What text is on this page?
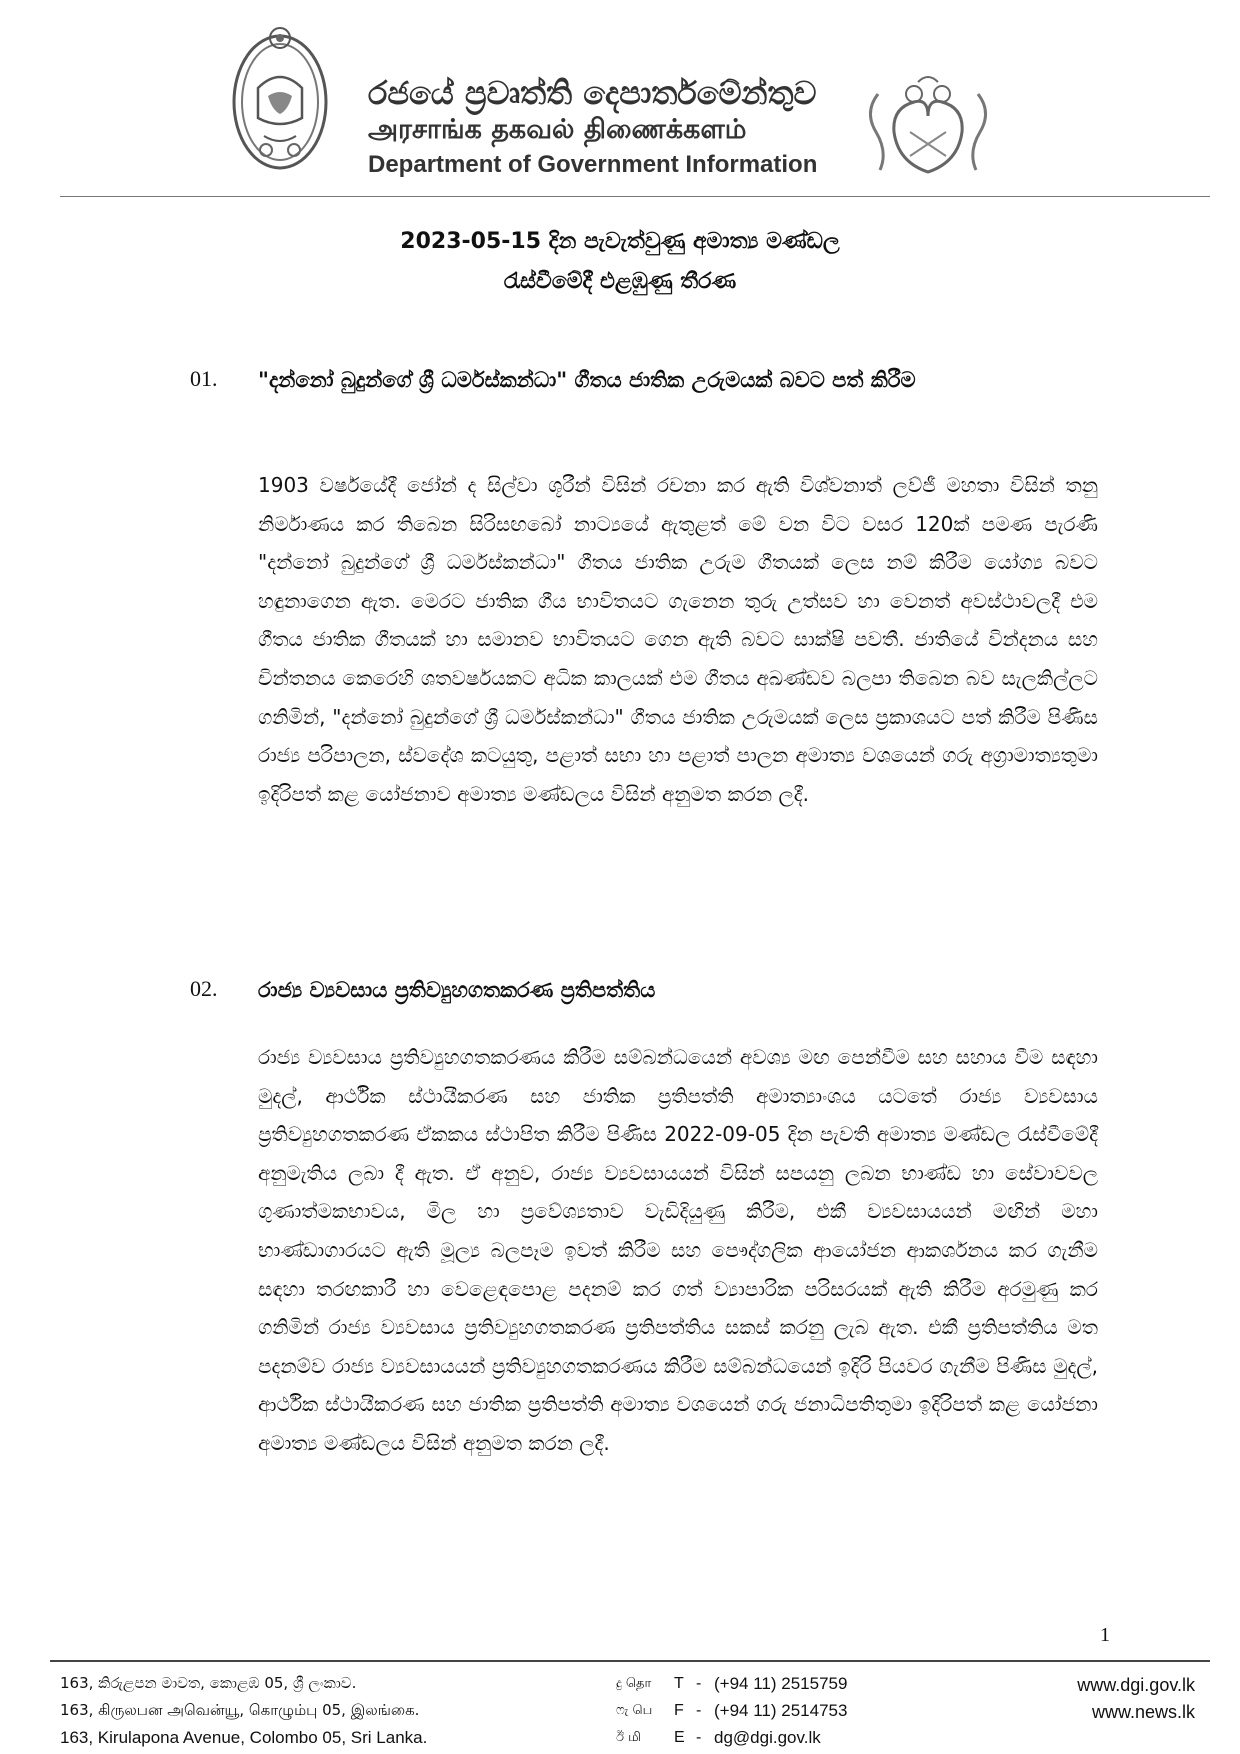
රජයේ ප්‍රවෘත්ති දෙපාර්තමේන්තුව
அரசாங்க தகவல் திணைக்களம்
Department of Government Information
2023-05-15 දින පැවැත්වුණු අමාත්‍ය මණ්ඩල
රැස්වීමේදී එළඹුණු තීරණ
01. "දන්නෝ බුදුන්ගේ ශ්‍රී ධර්මස්කන්ධා" ගීතය ජාතික උරුමයක් බවට පත් කිරීම
1903 වර්ෂයේදී ජෝන් ද සිල්වා ශූරීන් විසින් රචනා කර ඇති විශ්වනාත් ලව්ජී මහතා විසින් තනු නිර්මාණය කර තිබෙන සිරිසඟබෝ නාට්‍යයේ ඇතුළත් මේ වන විට වසර 120ක් පමණ පැරණි "දන්නෝ බුදුන්ගේ ශ්‍රී ධර්මස්කන්ධා" ගීතය ජාතික උරුම ගීතයක් ලෙස නම් කිරීම යෝග්‍ය බවට හඳුනාගෙන ඇත. මෙරට ජාතික ගීය භාවිතයට ගැනෙන තුරු උත්සව හා වෙනත් අවස්ථාවලදී එම ගීතය ජාතික ගීතයක් හා සමානව භාවිතයට ගෙන ඇති බවට සාක්ෂි පවතී. ජාතියේ වින්දනය සහ චින්තනය කෙරෙහි ශතවර්ෂයකට අධික කාලයක් එම ගීතය අඛණ්ඩව බලපා තිබෙන බව සැලකිල්ලට ගනිමින්, "දන්නෝ බුදුන්ගේ ශ්‍රී ධර්මස්කන්ධා" ගීතය ජාතික උරුමයක් ලෙස ප්‍රකාශයට පත් කිරීම පිණිස රාජ්‍ය පරිපාලන, ස්වදේශ කටයුතු, පළාත් සභා හා පළාත් පාලන අමාත්‍ය වශයෙන් ගරු අග්‍රාමාත්‍යතුමා ඉදිරිපත් කළ යෝජනාව අමාත්‍ය මණ්ඩලය විසින් අනුමත කරන ලදී.
02. රාජ්‍ය ව්‍යවසාය ප්‍රතිව්‍යුහගතකරණ ප්‍රතිපත්තිය
රාජ්‍ය ව්‍යවසාය ප්‍රතිව්‍යුහගතකරණය කිරීම සම්බන්ධයෙන් අවශ්‍ය මඟ පෙන්වීම සහ සහාය වීම සඳහා මුදල්, ආර්ථික ස්ථායීකරණ සහ ජාතික ප්‍රතිපත්ති අමාත්‍යාංශය යටතේ රාජ්‍ය ව්‍යවසාය ප්‍රතිව්‍යුහගතකරණ ඒකකය ස්ථාපිත කිරීම පිණිස 2022-09-05 දින පැවති අමාත්‍ය මණ්ඩල රැස්වීමේදී අනුමැතිය ලබා දී ඇත. ඒ අනුව, රාජ්‍ය ව්‍යවසායයන් විසින් සපයනු ලබන භාණ්ඩ හා සේවාවවල ගුණාත්මකභාවය, මිල හා ප්‍රවේශ්‍යතාව වැඩිදියුණු කිරීම, එකී ව්‍යවසායයන් මඟින් මහා භාණ්ඩාගාරයට ඇති මූල්‍ය බලපෑම ඉවත් කිරීම සහ පෞද්ගලික ආයෝජන ආකර්ශනය කර ගැනීම සඳහා තරඟකාරී හා වෙළෙඳපොළ පදනම් කර ගත් ව්‍යාපාරික පරිසරයක් ඇති කිරීම අරමුණු කර ගනිමින් රාජ්‍ය ව්‍යවසාය ප්‍රතිව්‍යුහගතකරණ ප්‍රතිපත්තිය සකස් කරනු ලැබ ඇත. එකී ප්‍රතිපත්තිය මත පදනම්ව රාජ්‍ය ව්‍යවසායයන් ප්‍රතිව්‍යුහගතකරණය කිරීම සම්බන්ධයෙන් ඉදිරි පියවර ගැනීම පිණිස මුදල්, ආර්ථික ස්ථායීකරණ සහ ජාතික ප්‍රතිපත්ති අමාත්‍ය වශයෙන් ගරු ජනාධිපතිතුමා ඉදිරිපත් කළ යෝජනා අමාත්‍ය මණ්ඩලය විසින් අනුමත කරන ලදී.
1
163, කිරුළපන මාවත, කොළඹ 05, ශ්‍රී ලංකාව.
163, கிருலபன அவென்யூ, கொழும்பு 05, இலங்கை.
163, Kirulapona Avenue, Colombo 05, Sri Lanka.
දු தொ	T - (+94 11) 2515759
ෆැ பெ	F - (+94 11) 2514753
ඊ மி	E - dg@dgi.gov.lk
www.dgi.gov.lk
www.news.lk
